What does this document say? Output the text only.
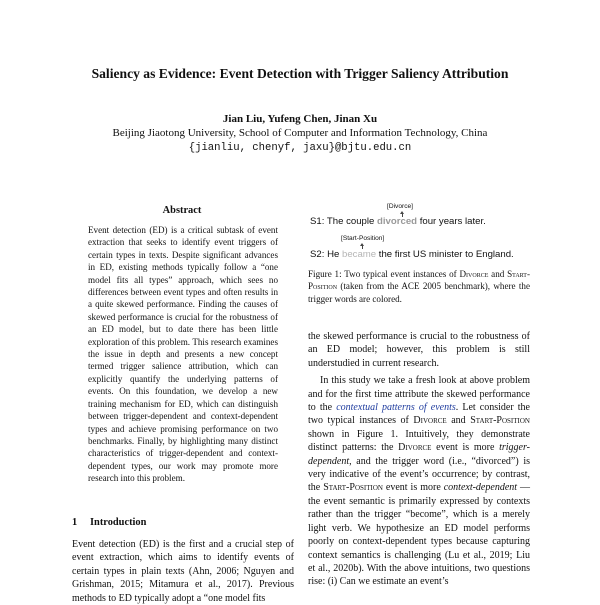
Saliency as Evidence: Event Detection with Trigger Saliency Attribution
Jian Liu, Yufeng Chen, Jinan Xu
Beijing Jiaotong University, School of Computer and Information Technology, China
{jianliu, chenyf, jaxu}@bjtu.edu.cn
Abstract

Event detection (ED) is a critical subtask of event extraction that seeks to identify event triggers of certain types in texts. Despite significant advances in ED, existing methods typically follow a “one model fits all types” approach, which sees no differences between event types and often results in a quite skewed performance. Finding the causes of skewed performance is crucial for the robustness of an ED model, but to date there has been little exploration of this problem. This research examines the issue in depth and presents a new concept termed trigger salience attribution, which can explicitly quantify the underlying patterns of events. On this foundation, we develop a new training mechanism for ED, which can distinguish between trigger-dependent and context-dependent types and achieve promising performance on two benchmarks. Finally, by highlighting many distinct characteristics of trigger-dependent and context-dependent types, our work may promote more research into this problem.

1 Introduction

Event detection (ED) is the first and a crucial step of event extraction, which aims to identify events of certain types in plain texts (Ahn, 2006; Nguyen and Grishman, 2015; Mitamura et al., 2017). Previous methods to ED typically adopt a “one model fits

[Divorce]
S1: The couple divorced four years later.
[Start-Position]
S2: He became the first US minister to England.
Figure 1: Two typical event instances of Divorce and Start-Position (taken from the ACE 2005 benchmark), where the trigger words are colored.

the skewed performance is crucial to the robustness of an ED model; however, this problem is still understudied in current research.

In this study we take a fresh look at above problem and for the first time attribute the skewed performance to the contextual patterns of events. Let consider the two typical instances of Divorce and Start-Position shown in Figure 1. Intuitively, they demonstrate distinct patterns: the Divorce event is more trigger-dependent, and the trigger word (i.e., “divorced”) is very indicative of the event’s occurrence; by contrast, the Start-Position event is more context-dependent — the event semantic is primarily expressed by contexts rather than the trigger “become”, which is a merely light verb. We hypothesize an ED model performs poorly on context-dependent types because capturing context semantics is challenging (Lu et al., 2019; Liu et al., 2020b). With the above intuitions, two questions rise: (i) Can we estimate an event’s
